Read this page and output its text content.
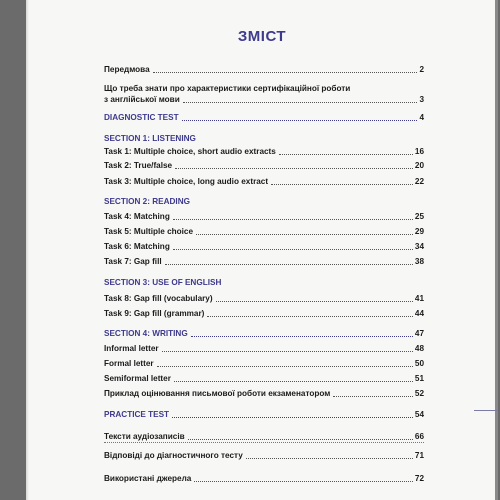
ЗМІСТ
Передмова	2
Що треба знати про характеристики сертифікаційної роботи
з англійської мови	3
DIAGNOSTIC TEST	4
SECTION 1: LISTENING
Task 1: Multiple choice, short audio extracts	16
Task 2: True/false	20
Task 3: Multiple choice, long audio extract	22
SECTION 2: READING
Task 4: Matching	25
Task 5: Multiple choice	29
Task 6: Matching	34
Task 7: Gap fill	38
SECTION 3: USE OF ENGLISH
Task 8: Gap fill (vocabulary)	41
Task 9: Gap fill (grammar)	44
SECTION 4: WRITING	47
Informal letter	48
Formal letter	50
Semiformal letter	51
Приклад оцінювання письмової роботи екзаменатором	52
PRACTICE TEST	54
Тексти аудіозаписів	66
Відповіді до діагностичного тесту	71
Використані джерела	72
